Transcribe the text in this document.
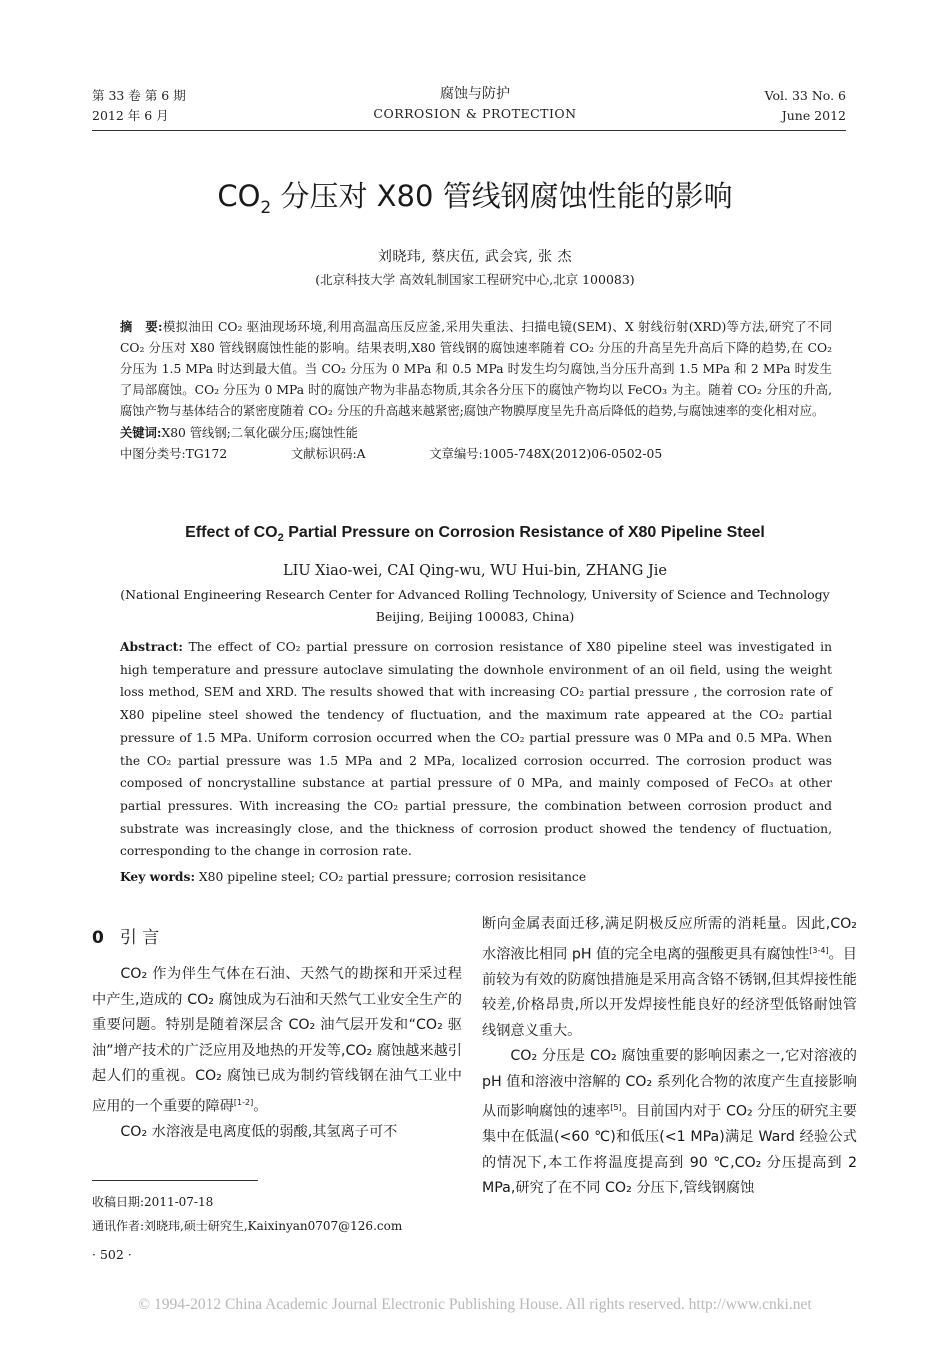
第 33 卷 第 6 期
2012 年 6 月
腐蚀与防护
CORROSION & PROTECTION
Vol. 33 No. 6
June 2012
$CO_2$ 分压对 X80 管线钢腐蚀性能的影响
刘晓玮, 蔡庆伍, 武会宾, 张 杰
(北京科技大学 高效轧制国家工程研究中心,北京 100083)

摘　要:模拟油田 CO₂ 驱油现场环境,利用高温高压反应釜,采用失重法、扫描电镜(SEM)、X 射线衍射(XRD)等方法,研究了不同 CO₂ 分压对 X80 管线钢腐蚀性能的影响。结果表明,X80 管线钢的腐蚀速率随着 CO₂ 分压的升高呈先升高后下降的趋势,在 CO₂ 分压为 1.5 MPa 时达到最大值。当 CO₂ 分压为 0 MPa 和 0.5 MPa 时发生均匀腐蚀,当分压升高到 1.5 MPa 和 2 MPa 时发生了局部腐蚀。CO₂ 分压为 0 MPa 时的腐蚀产物为非晶态物质,其余各分压下的腐蚀产物均以 FeCO₃ 为主。随着 CO₂ 分压的升高,腐蚀产物与基体结合的紧密度随着 CO₂ 分压的升高越来越紧密;腐蚀产物膜厚度呈先升高后降低的趋势,与腐蚀速率的变化相对应。

关键词:X80 管线钢;二氧化碳分压;腐蚀性能

中图分类号:TG172	文献标识码:A	文章编号:1005-748X(2012)06-0502-05

Effect of $CO_2$ Partial Pressure on Corrosion Resistance of X80 Pipeline Steel
LIU Xiao-wei, CAI Qing-wu, WU Hui-bin, ZHANG Jie
(National Engineering Research Center for Advanced Rolling Technology, University of Science and Technology Beijing, Beijing 100083, China)

Abstract: The effect of CO₂ partial pressure on corrosion resistance of X80 pipeline steel was investigated in high temperature and pressure autoclave simulating the downhole environment of an oil field, using the weight loss method, SEM and XRD. The results showed that with increasing CO₂ partial pressure , the corrosion rate of X80 pipeline steel showed the tendency of fluctuation, and the maximum rate appeared at the CO₂ partial pressure of 1.5 MPa. Uniform corrosion occurred when the CO₂ partial pressure was 0 MPa and 0.5 MPa. When the CO₂ partial pressure was 1.5 MPa and 2 MPa, localized corrosion occurred. The corrosion product was composed of noncrystalline substance at partial pressure of 0 MPa, and mainly composed of FeCO₃ at other partial pressures. With increasing the CO₂ partial pressure, the combination between corrosion product and substrate was increasingly close, and the thickness of corrosion product showed the tendency of fluctuation, corresponding to the change in corrosion rate.

Key words: X80 pipeline steel; CO₂ partial pressure; corrosion resisitance
0 引 言

CO₂ 作为伴生气体在石油、天然气的勘探和开采过程中产生,造成的 CO₂ 腐蚀成为石油和天然气工业安全生产的重要问题。特别是随着深层含 CO₂ 油气层开发和“CO₂ 驱油”增产技术的广泛应用及地热的开发等,CO₂ 腐蚀越来越引起人们的重视。CO₂ 腐蚀已成为制约管线钢在油气工业中应用的一个重要的障碍[1-2]。

CO₂ 水溶液是电离度低的弱酸,其氢离子可不

断向金属表面迁移,满足阴极反应所需的消耗量。因此,CO₂ 水溶液比相同 pH 值的完全电离的强酸更具有腐蚀性[3-4]。目前较为有效的防腐蚀措施是采用高含铬不锈钢,但其焊接性能较差,价格昂贵,所以开发焊接性能良好的经济型低铬耐蚀管线钢意义重大。

CO₂ 分压是 CO₂ 腐蚀重要的影响因素之一,它对溶液的 pH 值和溶液中溶解的 CO₂ 系列化合物的浓度产生直接影响从而影响腐蚀的速率[5]。目前国内对于 CO₂ 分压的研究主要集中在低温(<60 ℃)和低压(<1 MPa)满足 Ward 经验公式的情况下,本工作将温度提高到 90 ℃,CO₂ 分压提高到 2 MPa,研究了在不同 CO₂ 分压下,管线钢腐蚀

收稿日期:2011-07-18
通讯作者:刘晓玮,硕士研究生,Kaixinyan0707@126.com
· 502 ·
© 1994-2012 China Academic Journal Electronic Publishing House. All rights reserved. http://www.cnki.net
